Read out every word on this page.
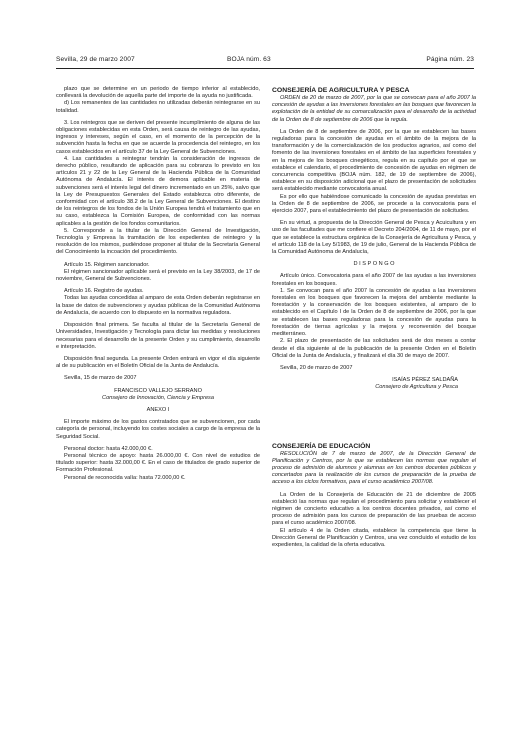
Sevilla, 29 de marzo 2007	BOJA núm. 63	Página núm. 23

plazo que se determine en un periodo de tiempo inferior al establecido, conllevará la devolución de aquella parte del importe de la ayuda no justificada.

d) Los remanentes de las cantidades no utilizadas deberán reintegrarse en su totalidad.

3. Los reintegros que se deriven del presente incumplimiento de alguna de las obligaciones establecidas en esta Orden, será causa de reintegro de las ayudas, ingresos y intereses, según el caso, en el momento de la percepción de la subvención hasta la fecha en que se acuerde la procedencia del reintegro, en los casos establecidos en el artículo 37 de la Ley General de Subvenciones.

4. Las cantidades a reintegrar tendrán la consideración de ingresos de derecho público, resultando de aplicación para su cobranza lo previsto en los artículos 21 y 22 de la Ley General de la Hacienda Pública de la Comunidad Autónoma de Andalucía. El interés de demora aplicable en materia de subvenciones será el interés legal del dinero incrementado en un 25%, salvo que la Ley de Presupuestos Generales del Estado establezca otro diferente, de conformidad con el artículo 38.2 de la Ley General de Subvenciones. El destino de los reintegros de los fondos de la Unión Europea tendrá el tratamiento que en su caso, establezca la Comisión Europea, de conformidad con las normas aplicables a la gestión de los fondos comunitarios.

5. Corresponde a la titular de la Dirección General de Investigación, Tecnología y Empresa la tramitación de los expedientes de reintegro y la resolución de los mismos, pudiéndose proponer al titular de la Secretaría General del Conocimiento la incoación del procedimiento.

Artículo 15. Régimen sancionador.

El régimen sancionador aplicable será el previsto en la Ley 38/2003, de 17 de noviembre, General de Subvenciones.

Artículo 16. Registro de ayudas.

Todas las ayudas concedidas al amparo de esta Orden deberán registrarse en la base de datos de subvenciones y ayudas públicas de la Comunidad Autónoma de Andalucía, de acuerdo con lo dispuesto en la normativa reguladora.

Disposición final primera. Se faculta al titular de la Secretaría General de Universidades, Investigación y Tecnología para dictar las medidas y resoluciones necesarias para el desarrollo de la presente Orden y su cumplimiento, desarrollo e interpretación.

Disposición final segunda. La presente Orden entrará en vigor el día siguiente al de su publicación en el Boletín Oficial de la Junta de Andalucía.

Sevilla, 15 de marzo de 2007

FRANCISCO VALLEJO SERRANO

Consejero de Innovación, Ciencia y Empresa

ANEXO I

El importe máximo de los gastos contratados que se subvencionen, por cada categoría de personal, incluyendo los costes sociales a cargo de la empresa de la Seguridad Social.

Personal doctor: hasta 42.000,00 €.

Personal técnico de apoyo: hasta 26.000,00 €. Con nivel de estudios de titulado superior: hasta 32.000,00 €. En el caso de titulados de grado superior de Formación Profesional.

Personal de reconocida valía: hasta 72.000,00 €.

CONSEJERÍA DE AGRICULTURA Y PESCA

ORDEN de 20 de marzo de 2007, por la que se convocan para el año 2007 la concesión de ayudas a las inversiones forestales en las bosques que favorecen la explotación de la entidad de su comarcalización para el desarrollo de la actividad de la Orden de 8 de septiembre de 2006 que la regula.

La Orden de 8 de septiembre de 2006, por la que se establecen las bases reguladoras para la concesión de ayudas en el ámbito de la mejora de la transformación y de la comercialización de los productos agrarios, así como del fomento de las inversiones forestales en el ámbito de las superficies forestales y en la mejora de los bosques cinegéticos, regula en su capítulo por el que se establece el calendario, el procedimiento de concesión de ayudas en régimen de concurrencia competitiva (BOJA núm. 182, de 19 de septiembre de 2006), establece en su disposición adicional que el plazo de presentación de solicitudes será establecido mediante convocatoria anual.

Es por ello que habiéndose comunicado la concesión de ayudas previstas en la Orden de 8 de septiembre de 2006, se procede a la convocatoria para el ejercicio 2007, para el establecimiento del plazo de presentación de solicitudes.

En su virtud, a propuesta de la Dirección General de Pesca y Acuicultura y en uso de las facultades que me confiere el Decreto 204/2004, de 11 de mayo, por el que se establece la estructura orgánica de la Consejería de Agricultura y Pesca, y el artículo 118 de la Ley 5/1983, de 19 de julio, General de la Hacienda Pública de la Comunidad Autónoma de Andalucía,

D I S P O N G O

Artículo único. Convocatoria para el año 2007 de las ayudas a las inversiones forestales en los bosques.

1. Se convocan para el año 2007 la concesión de ayudas a las inversiones forestales en los bosques que favorecen la mejora del ambiente mediante la forestación y la conservación de los bosques existentes, al amparo de lo establecido en el Capítulo I de la Orden de 8 de septiembre de 2006, por la que se establecen las bases reguladoras para la concesión de ayudas para la forestación de tierras agrícolas y la mejora y reconversión del bosque mediterráneo.

2. El plazo de presentación de las solicitudes será de dos meses a contar desde el día siguiente al de la publicación de la presente Orden en el Boletín Oficial de la Junta de Andalucía, y finalizará el día 30 de mayo de 2007.

Sevilla, 20 de marzo de 2007

ISAÍAS PÉREZ SALDAÑA

Consejero de Agricultura y Pesca

CONSEJERÍA DE EDUCACIÓN

RESOLUCIÓN de 7 de marzo de 2007, de la Dirección General de Planificación y Centros, por la que se establecen las normas que regulan el proceso de admisión de alumnos y alumnas en los centros docentes públicos y concertados para la realización de los cursos de preparación de la prueba de acceso a los ciclos formativos, para el curso académico 2007/08.

La Orden de la Consejería de Educación de 21 de diciembre de 2005 estableció las normas que regulan el procedimiento para solicitar y establecer el régimen de concierto educativo a los centros docentes privados, así como el proceso de admisión para los cursos de preparación de las pruebas de acceso para el curso académico 2007/08.

El artículo 4 de la Orden citada, establece la competencia que tiene la Dirección General de Planificación y Centros, una vez concluido el estudio de los expedientes, la calidad de la oferta educativa.
